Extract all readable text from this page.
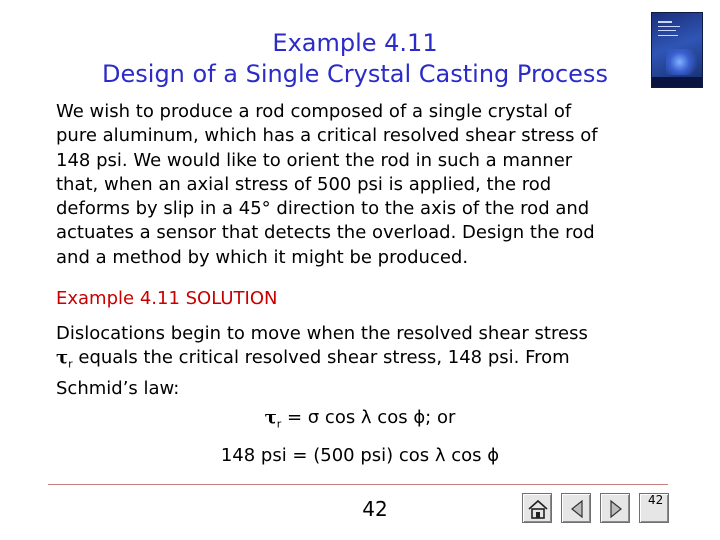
Example 4.11
Design of a Single Crystal Casting Process
We wish to produce a rod composed of a single crystal of
pure aluminum, which has a critical resolved shear stress of
148 psi. We would like to orient the rod in such a manner
that, when an axial stress of 500 psi is applied, the rod
deforms by slip in a 45° direction to the axis of the rod and
actuates a sensor that detects the overload. Design the rod
and a method by which it might be produced.
Example 4.11 SOLUTION
Dislocations begin to move when the resolved shear stress
$\tau_r$ equals the critical resolved shear stress, 148 psi. From
Schmid’s law:
$\tau_r = \sigma$ cos λ cos ϕ; or
148 psi = (500 psi) cos λ cos ϕ
42	42
